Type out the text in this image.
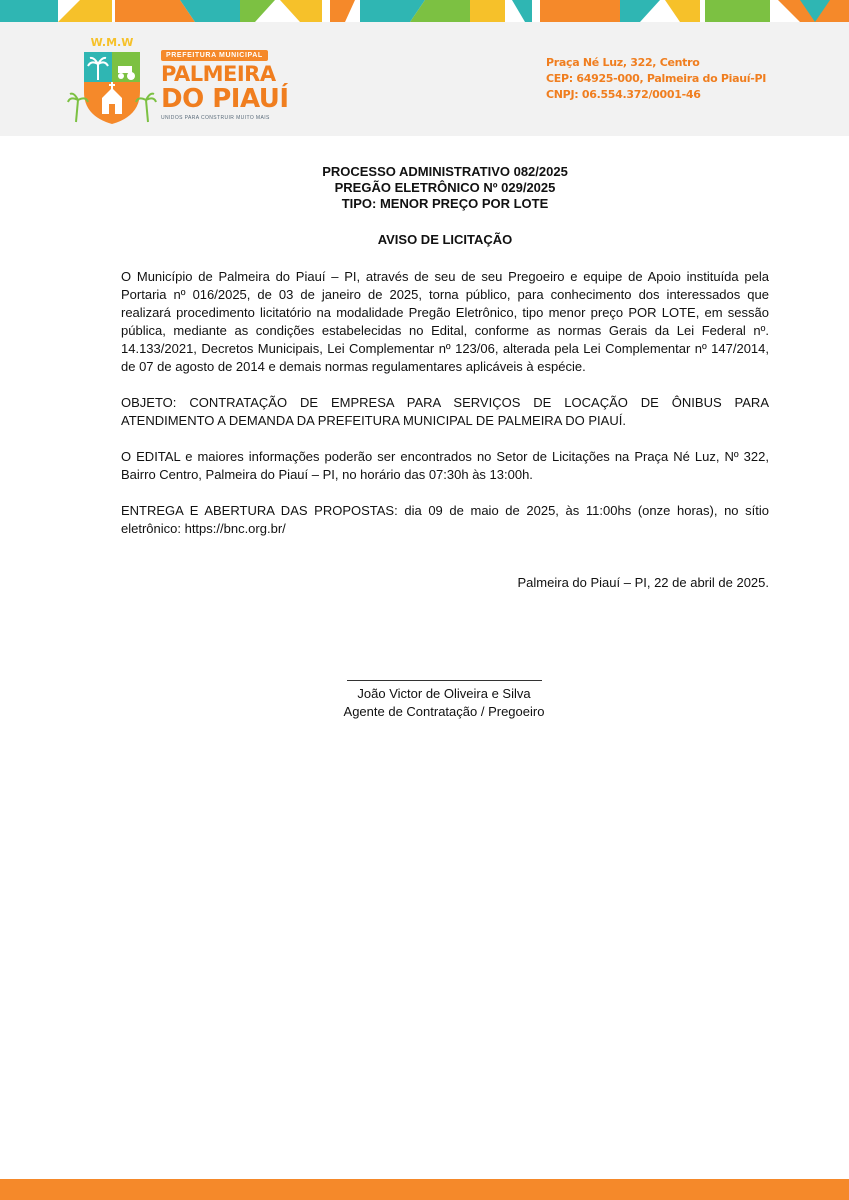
W.M.W
PREFEITURA MUNICIPAL
PALMEIRA
DO PIAUÍ
UNIDOS PARA CONSTRUIR MUITO MAIS
Praça Né Luz, 322, Centro
CEP: 64925-000, Palmeira do Piauí-PI
CNPJ: 06.554.372/0001-46
PROCESSO ADMINISTRATIVO 082/2025
PREGÃO ELETRÔNICO Nº 029/2025
TIPO: MENOR PREÇO POR LOTE
AVISO DE LICITAÇÃO

O Município de Palmeira do Piauí – PI, através de seu de seu Pregoeiro e equipe de Apoio instituída pela Portaria nº 016/2025, de 03 de janeiro de 2025, torna público, para conhecimento dos interessados que realizará procedimento licitatório na modalidade Pregão Eletrônico, tipo menor preço POR LOTE, em sessão pública, mediante as condições estabelecidas no Edital, conforme as normas Gerais da Lei Federal nº. 14.133/2021, Decretos Municipais, Lei Complementar nº 123/06, alterada pela Lei Complementar nº 147/2014, de 07 de agosto de 2014 e demais normas regulamentares aplicáveis à espécie.

OBJETO: CONTRATAÇÃO DE EMPRESA PARA SERVIÇOS DE LOCAÇÃO DE ÔNIBUS PARA ATENDIMENTO A DEMANDA DA PREFEITURA MUNICIPAL DE PALMEIRA DO PIAUÍ.

O EDITAL e maiores informações poderão ser encontrados no Setor de Licitações na Praça Né Luz, Nº 322, Bairro Centro, Palmeira do Piauí – PI, no horário das 07:30h às 13:00h.

ENTREGA E ABERTURA DAS PROPOSTAS: dia 09 de maio de 2025, às 11:00hs (onze horas), no sítio eletrônico: https://bnc.org.br/

Palmeira do Piauí – PI, 22 de abril de 2025.
João Victor de Oliveira e Silva
Agente de Contratação / Pregoeiro
